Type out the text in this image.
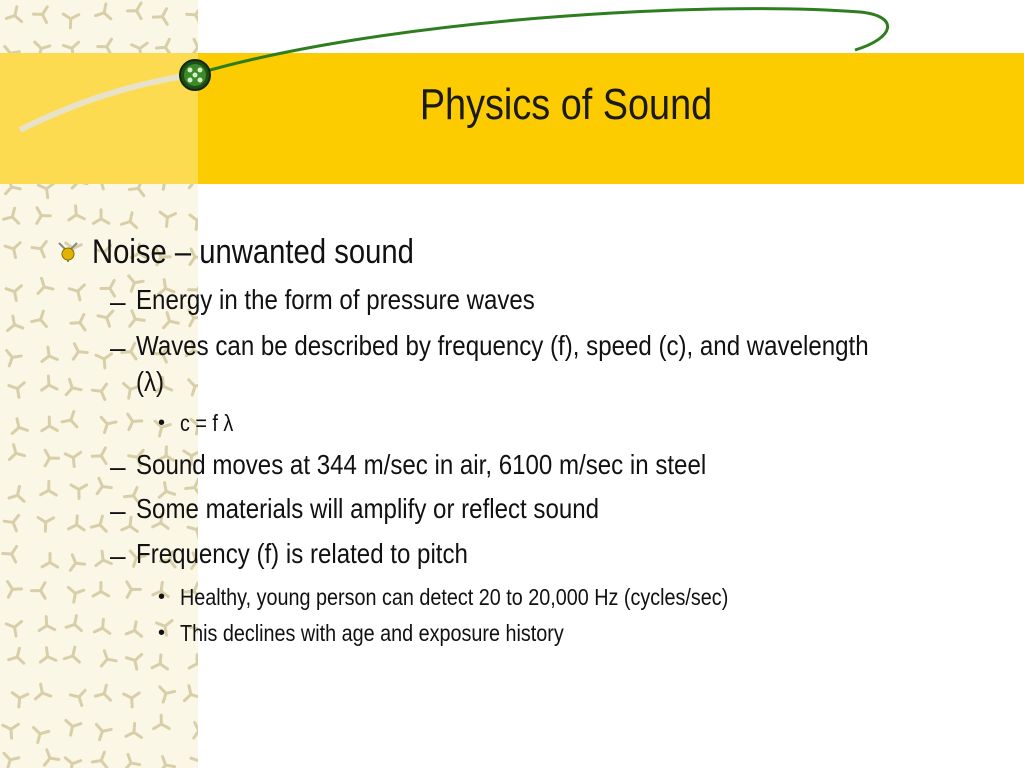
Physics of Sound
Noise – unwanted sound
– Energy in the form of pressure waves
– Waves can be described by frequency (f), speed (c), and wavelength
(λ)
• c = f λ
– Sound moves at 344 m/sec in air, 6100 m/sec in steel
– Some materials will amplify or reflect sound
– Frequency (f) is related to pitch
• Healthy, young person can detect 20 to 20,000 Hz (cycles/sec)
• This declines with age and exposure history
